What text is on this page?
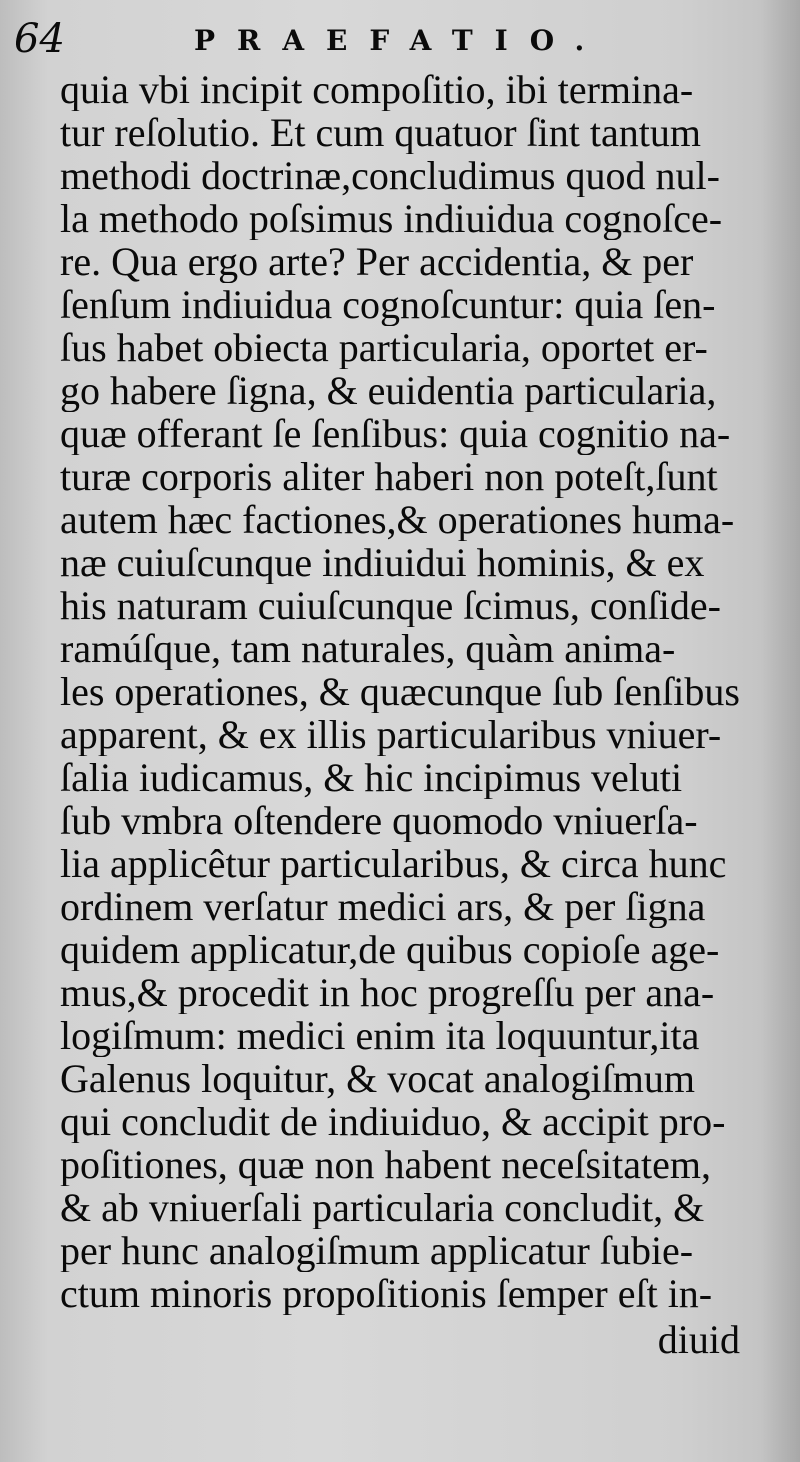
64	PRAEFATIO.
quia vbi incipit compoſitio, ibi termina-
tur reſolutio. Et cum quatuor ſint tantum
methodi doctrinæ,concludimus quod nul-
la methodo poſsimus indiuidua cognoſce-
re. Qua ergo arte? Per accidentia, & per
ſenſum indiuidua cognoſcuntur: quia ſen-
ſus habet obiecta particularia, oportet er-
go habere ſigna, & euidentia particularia,
quæ offerant ſe ſenſibus: quia cognitio na-
turæ corporis aliter haberi non poteſt,ſunt
autem hæc factiones,& operationes huma-
næ cuiuſcunque indiuidui hominis, & ex
his naturam cuiuſcunque ſcimus, conſide-
ramúſque, tam naturales, quàm anima-
les operationes, & quæcunque ſub ſenſibus
apparent, & ex illis particularibus vniuer-
ſalia iudicamus, & hic incipimus veluti
ſub vmbra oſtendere quomodo vniuerſa-
lia applicêtur particularibus, & circa hunc
ordinem verſatur medici ars, & per ſigna
quidem applicatur,de quibus copioſe age-
mus,& procedit in hoc progreſſu per ana-
logiſmum: medici enim ita loquuntur,ita
Galenus loquitur, & vocat analogiſmum
qui concludit de indiuiduo, & accipit pro-
poſitiones, quæ non habent neceſsitatem,
& ab vniuerſali particularia concludit, &
per hunc analogiſmum applicatur ſubie-
ctum minoris propoſitionis ſemper eſt in-
diuid
